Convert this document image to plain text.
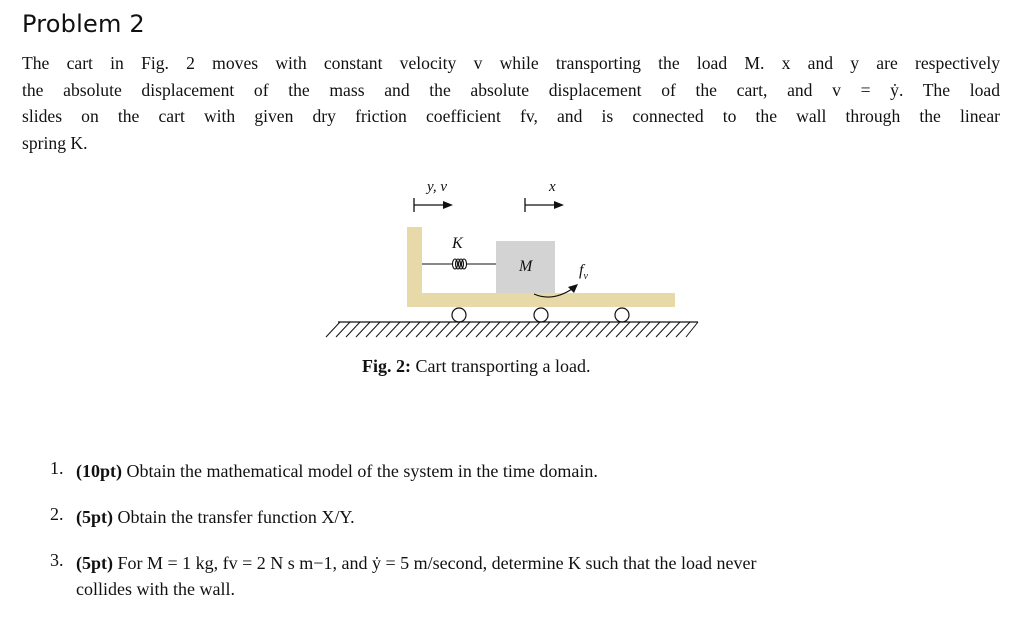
Problem 2
The cart in Fig. 2 moves with constant velocity v while transporting the load M. x and y are respectively
the absolute displacement of the mass and the absolute displacement of the cart, and v = ẏ. The load
slides on the cart with given dry friction coefficient fv, and is connected to the wall through the linear
spring K.
y, v	x
K
M	$f_v$
Fig. 2: Cart transporting a load.
1. (10pt) Obtain the mathematical model of the system in the time domain.
2. (5pt) Obtain the transfer function X/Y.
3. (5pt) For M = 1 kg, fv = 2 N s m−1, and ẏ = 5 m/second, determine K such that the load never
collides with the wall.
